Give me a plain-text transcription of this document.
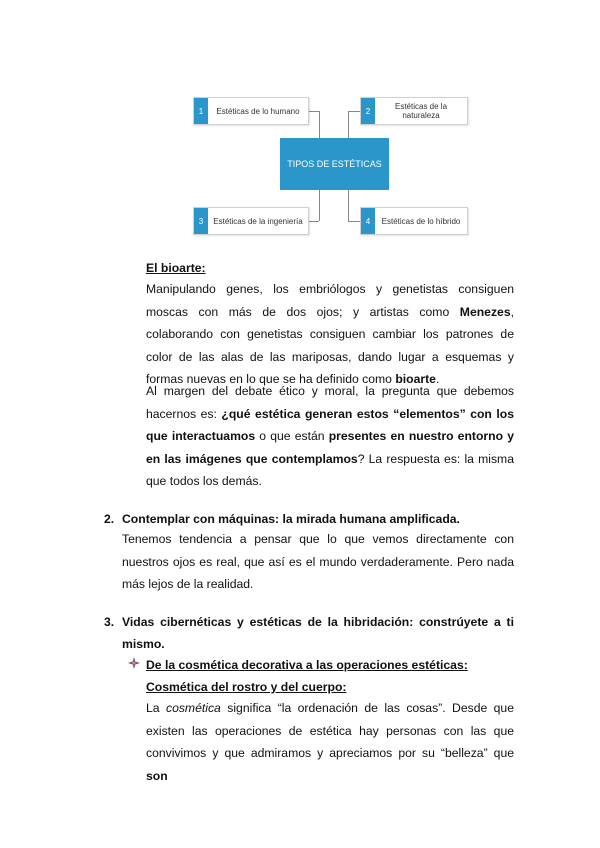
1	Estéticas de lo humano	2	Estéticas de la naturaleza
TIPOS DE ESTÉTICAS
3	Estéticas de la ingeniería	4	Estéticas de lo híbrido
El bioarte:
Manipulando genes, los embriólogos y genetistas consiguen moscas con más de dos ojos; y artistas como Menezes, colaborando con genetistas consiguen cambiar los patrones de color de las alas de las mariposas, dando lugar a esquemas y formas nuevas en lo que se ha definido como bioarte.
Al margen del debate ético y moral, la pregunta que debemos hacernos es: ¿qué estética generan estos “elementos” con los que interactuamos o que están presentes en nuestro entorno y en las imágenes que contemplamos? La respuesta es: la misma que todos los demás.
2. Contemplar con máquinas: la mirada humana amplificada.
Tenemos tendencia a pensar que lo que vemos directamente con nuestros ojos es real, que así es el mundo verdaderamente. Pero nada más lejos de la realidad.
3. Vidas cibernéticas y estéticas de la hibridación: constrúyete a ti mismo.
De la cosmética decorativa a las operaciones estéticas:
Cosmética del rostro y del cuerpo:
La cosmética significa “la ordenación de las cosas”. Desde que existen las operaciones de estética hay personas con las que convivimos y que admiramos y apreciamos por su “belleza” que son
